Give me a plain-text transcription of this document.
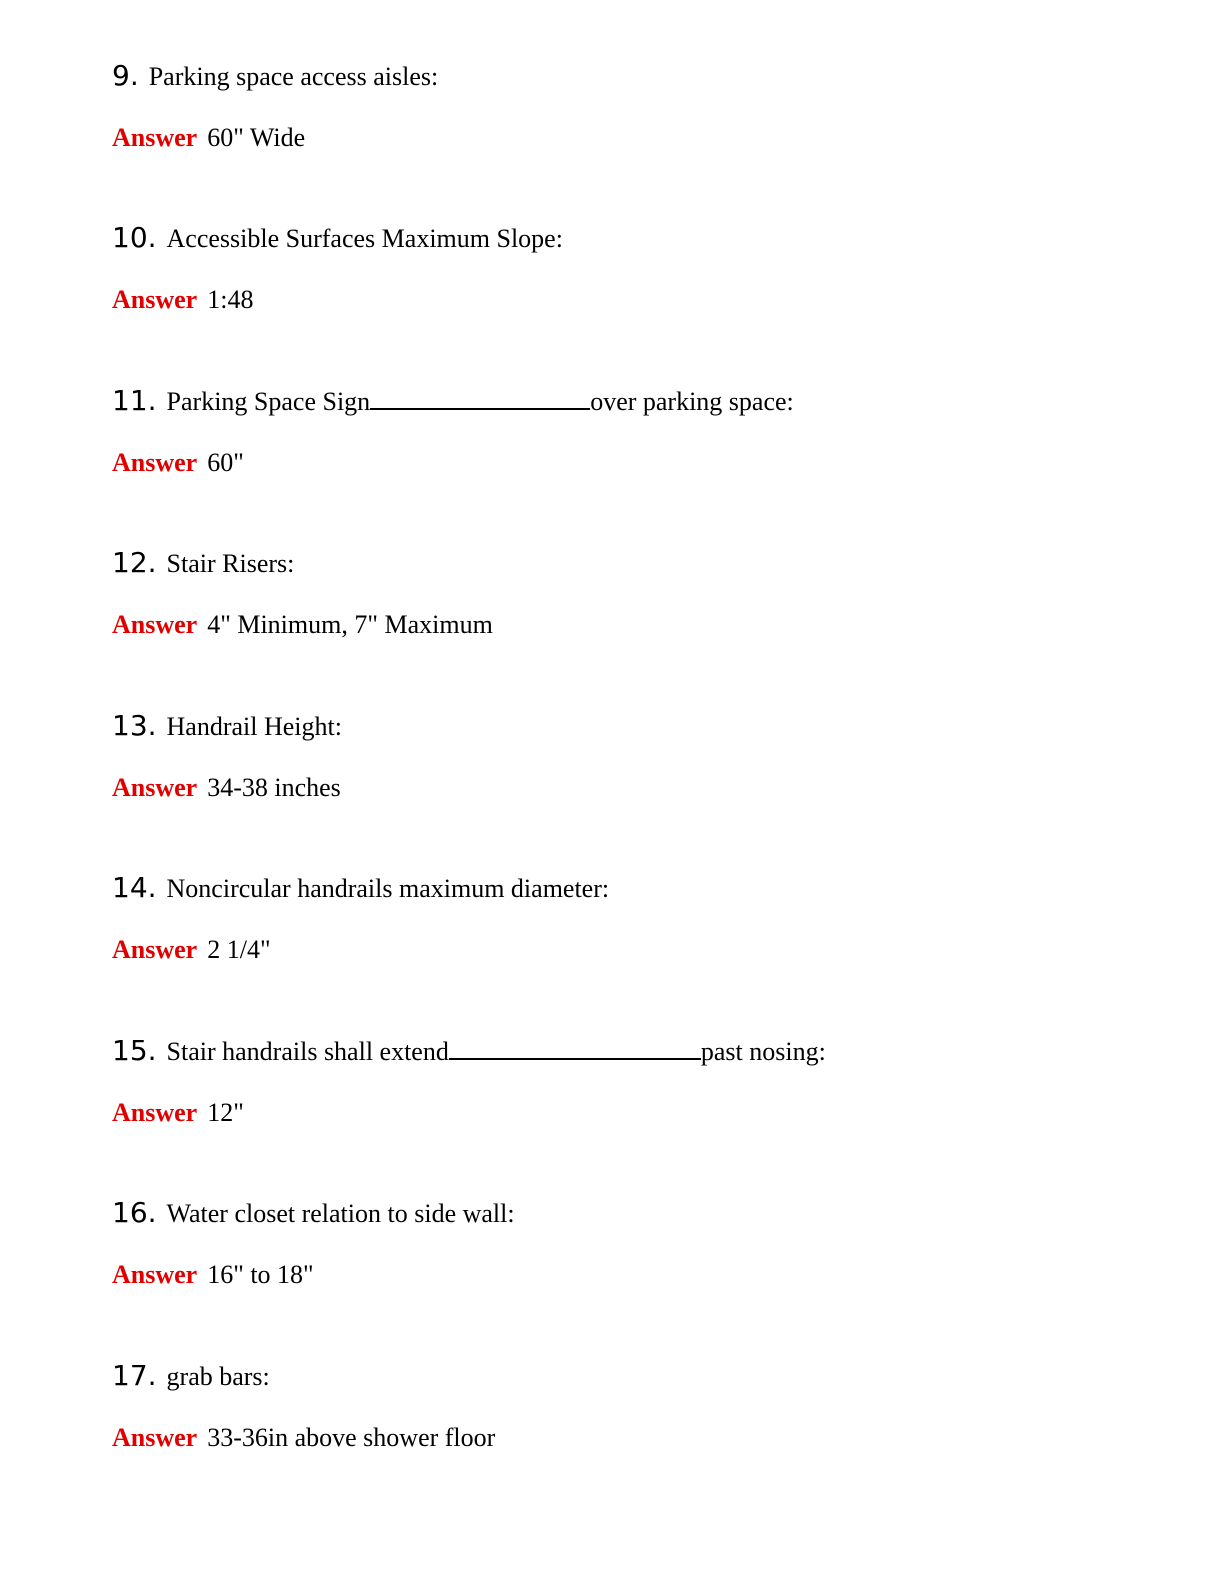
9. Parking space access aisles:
Answer 60" Wide
10. Accessible Surfaces Maximum Slope:
Answer 1:48
11. Parking Space Sign	over parking space:
Answer 60"
12. Stair Risers:
Answer 4" Minimum, 7" Maximum
13. Handrail Height:
Answer 34-38 inches
14. Noncircular handrails maximum diameter:
Answer 2 1/4"
15. Stair handrails shall extend	past nosing:
Answer 12"
16. Water closet relation to side wall:
Answer 16" to 18"
17. grab bars:
Answer 33-36in above shower floor
